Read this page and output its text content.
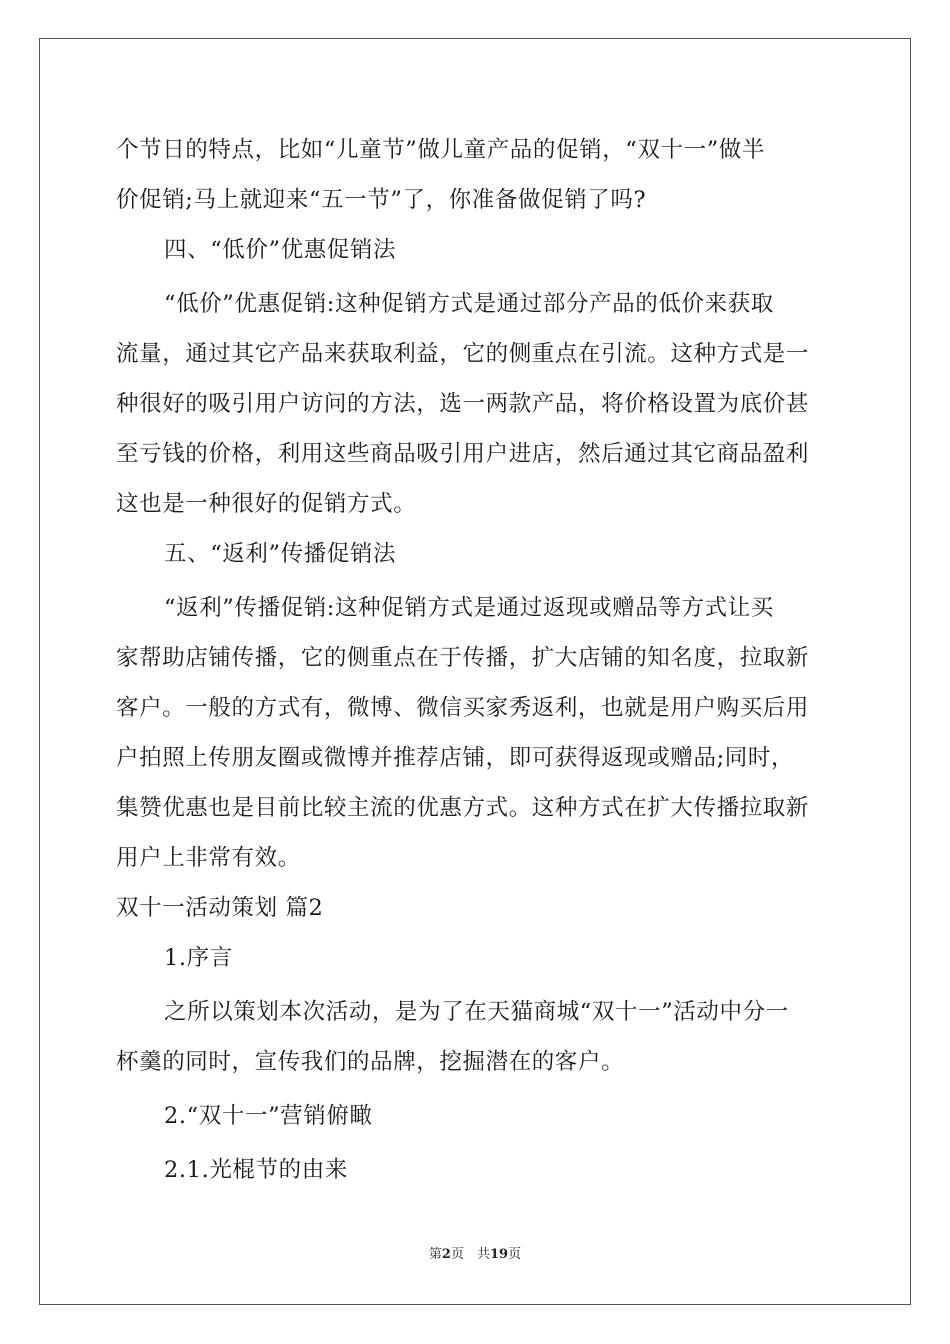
个节日的特点，比如“儿童节”做儿童产品的促销，“双十一”做半
价促销;马上就迎来“五一节”了，你准备做促销了吗?
四、“低价”优惠促销法
“低价”优惠促销:这种促销方式是通过部分产品的低价来获取
流量，通过其它产品来获取利益，它的侧重点在引流。这种方式是一
种很好的吸引用户访问的方法，选一两款产品，将价格设置为底价甚
至亏钱的价格，利用这些商品吸引用户进店，然后通过其它商品盈利
这也是一种很好的促销方式。
五、“返利”传播促销法
“返利”传播促销:这种促销方式是通过返现或赠品等方式让买
家帮助店铺传播，它的侧重点在于传播，扩大店铺的知名度，拉取新
客户。一般的方式有，微博、微信买家秀返利，也就是用户购买后用
户拍照上传朋友圈或微博并推荐店铺，即可获得返现或赠品;同时，
集赞优惠也是目前比较主流的优惠方式。这种方式在扩大传播拉取新
用户上非常有效。
双十一活动策划 篇2
1.序言
之所以策划本次活动，是为了在天猫商城“双十一”活动中分一
杯羹的同时，宣传我们的品牌，挖掘潜在的客户。
2.“双十一”营销俯瞰
2.1.光棍节的由来
第2页　共19页
